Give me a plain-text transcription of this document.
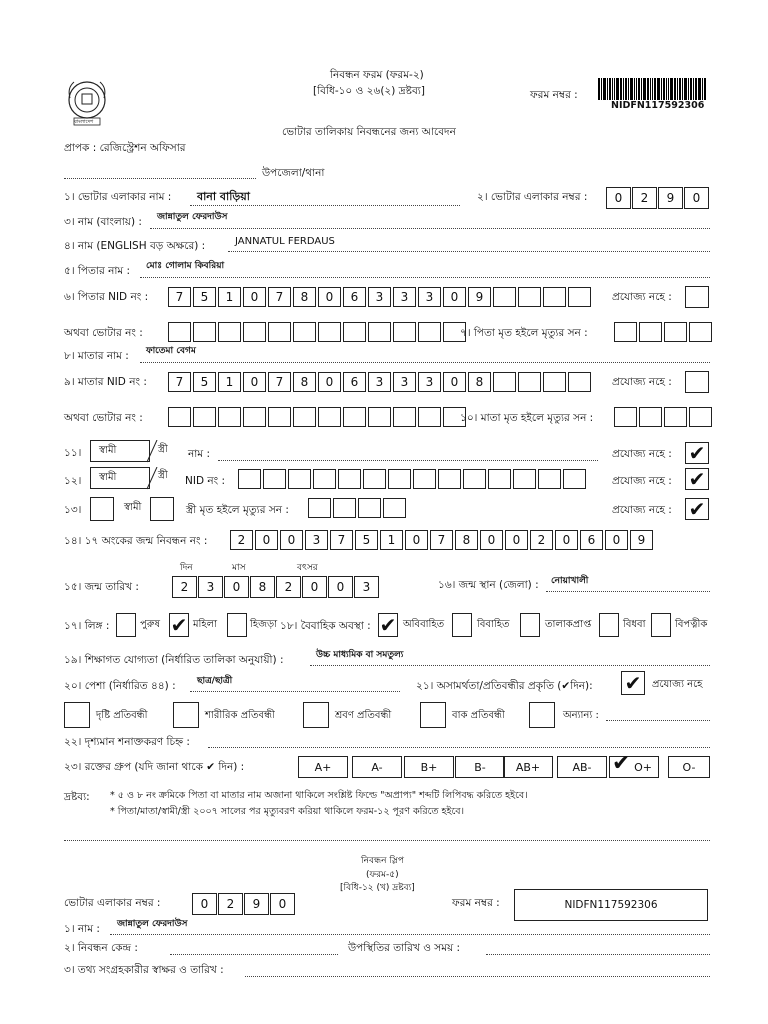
বাংলাদেশ
নিবন্ধন ফরম (ফরম-২)
[বিধি-১০ ও ২৬(২) দ্রষ্টব্য]	ফরম নম্বর :
NIDFN117592306
ভোটার তালিকায় নিবন্ধনের জন্য আবেদন
প্রাপক : রেজিস্ট্রেশন অফিসার
উপজেলা/থানা
১। ভোটার এলাকার নাম : বানা বাড়িয়া	২। ভোটার এলাকার নম্বর :	0	2	9	0
৩। নাম (বাংলায়) : জান্নাতুল ফেরদাউস
৪। নাম (ENGLISH বড় অক্ষরে) :	JANNATUL FERDAUS
৫। পিতার নাম : মোঃ গোলাম কিবরিয়া
৬। পিতার NID নং :	7	5	1	0	7	8	0	6	3	3	3	0	9	প্রযোজ্য নহে :
অথবা ভোটার নং :	৭। পিতা মৃত হইলে মৃত্যুর সন :
৮। মাতার নাম : ফাতেমা বেগম
৯। মাতার NID নং :	7	5	1	0	7	8	0	6	3	3	3	0	8	প্রযোজ্য নহে :
অথবা ভোটার নং :	১০। মাতা মৃত হইলে মৃত্যুর সন :
১১। স্বামী	স্ত্রী নাম :	প্রযোজ্য নহে : ✔
১২। স্বামী	স্ত্রী NID নং :	প্রযোজ্য নহে : ✔
১৩।	স্বামী	স্ত্রী মৃত হইলে মৃত্যুর সন :	প্রযোজ্য নহে : ✔
১৪। ১৭ অংকের জন্ম নিবন্ধন নং :	2	0	0	3	7	5	1	0	7	8	0	0	2	0	6	0	9
দিন	মাস	বৎসর
১৫। জন্ম তারিখ :	2	3	0	8	2	0	0	3	১৬। জন্ম স্থান (জেলা) : নোয়াখালী
১৭। লিঙ্গ :	পুরুষ ✔ মহিলা	হিজড়া ১৮। বৈবাহিক অবস্থা : ✔ অবিবাহিত	বিবাহিত	তালাকপ্রাপ্ত	বিধবা	বিপত্নীক
১৯। শিক্ষাগত যোগ্যতা (নির্ধারিত তালিকা অনুযায়ী) :	উচ্চ মাধ্যমিক বা সমতুল্য
২০। পেশা (নির্ধারিত ৪৪) : ছাত্র/ছাত্রী	২১। অসামর্থতা/প্রতিবন্ধীর প্রকৃতি (✔দিন): ✔ প্রযোজ্য নহে
দৃষ্টি প্রতিবন্ধী	শারীরিক প্রতিবন্ধী	শ্রবণ প্রতিবন্ধী	বাক প্রতিবন্ধী	অন্যান্য :
২২। দৃশ্যমান শনাক্তকরণ চিহ্ন :
২৩। রক্তের গ্রুপ (যদি জানা থাকে ✔ দিন) :	A+	A-	B+	B-	AB+	AB- ✔ O+	O-
দ্রষ্টব্য: * ৫ ও ৮ নং ক্রমিকে পিতা বা মাতার নাম অজানা থাকিলে সংশ্লিষ্ট ফিল্ডে "অপ্রাপ্য" শব্দটি লিপিবদ্ধ করিতে হইবে।
* পিতা/মাতা/স্বামী/স্ত্রী ২০০৭ সালের পর মৃত্যুবরণ করিয়া থাকিলে ফরম-১২ পূরণ করিতে হইবে।
নিবন্ধন স্লিপ
(ফরম-৫)
[বিধি-১২ (খ) দ্রষ্টব্য]
ভোটার এলাকার নম্বর :	0	2	9	0	ফরম নম্বর :	NIDFN117592306
১। নাম : জান্নাতুল ফেরদাউস
২। নিবন্ধন কেন্দ্র :	উপস্থিতির তারিখ ও সময় :
৩। তথ্য সংগ্রহকারীর স্বাক্ষর ও তারিখ :
